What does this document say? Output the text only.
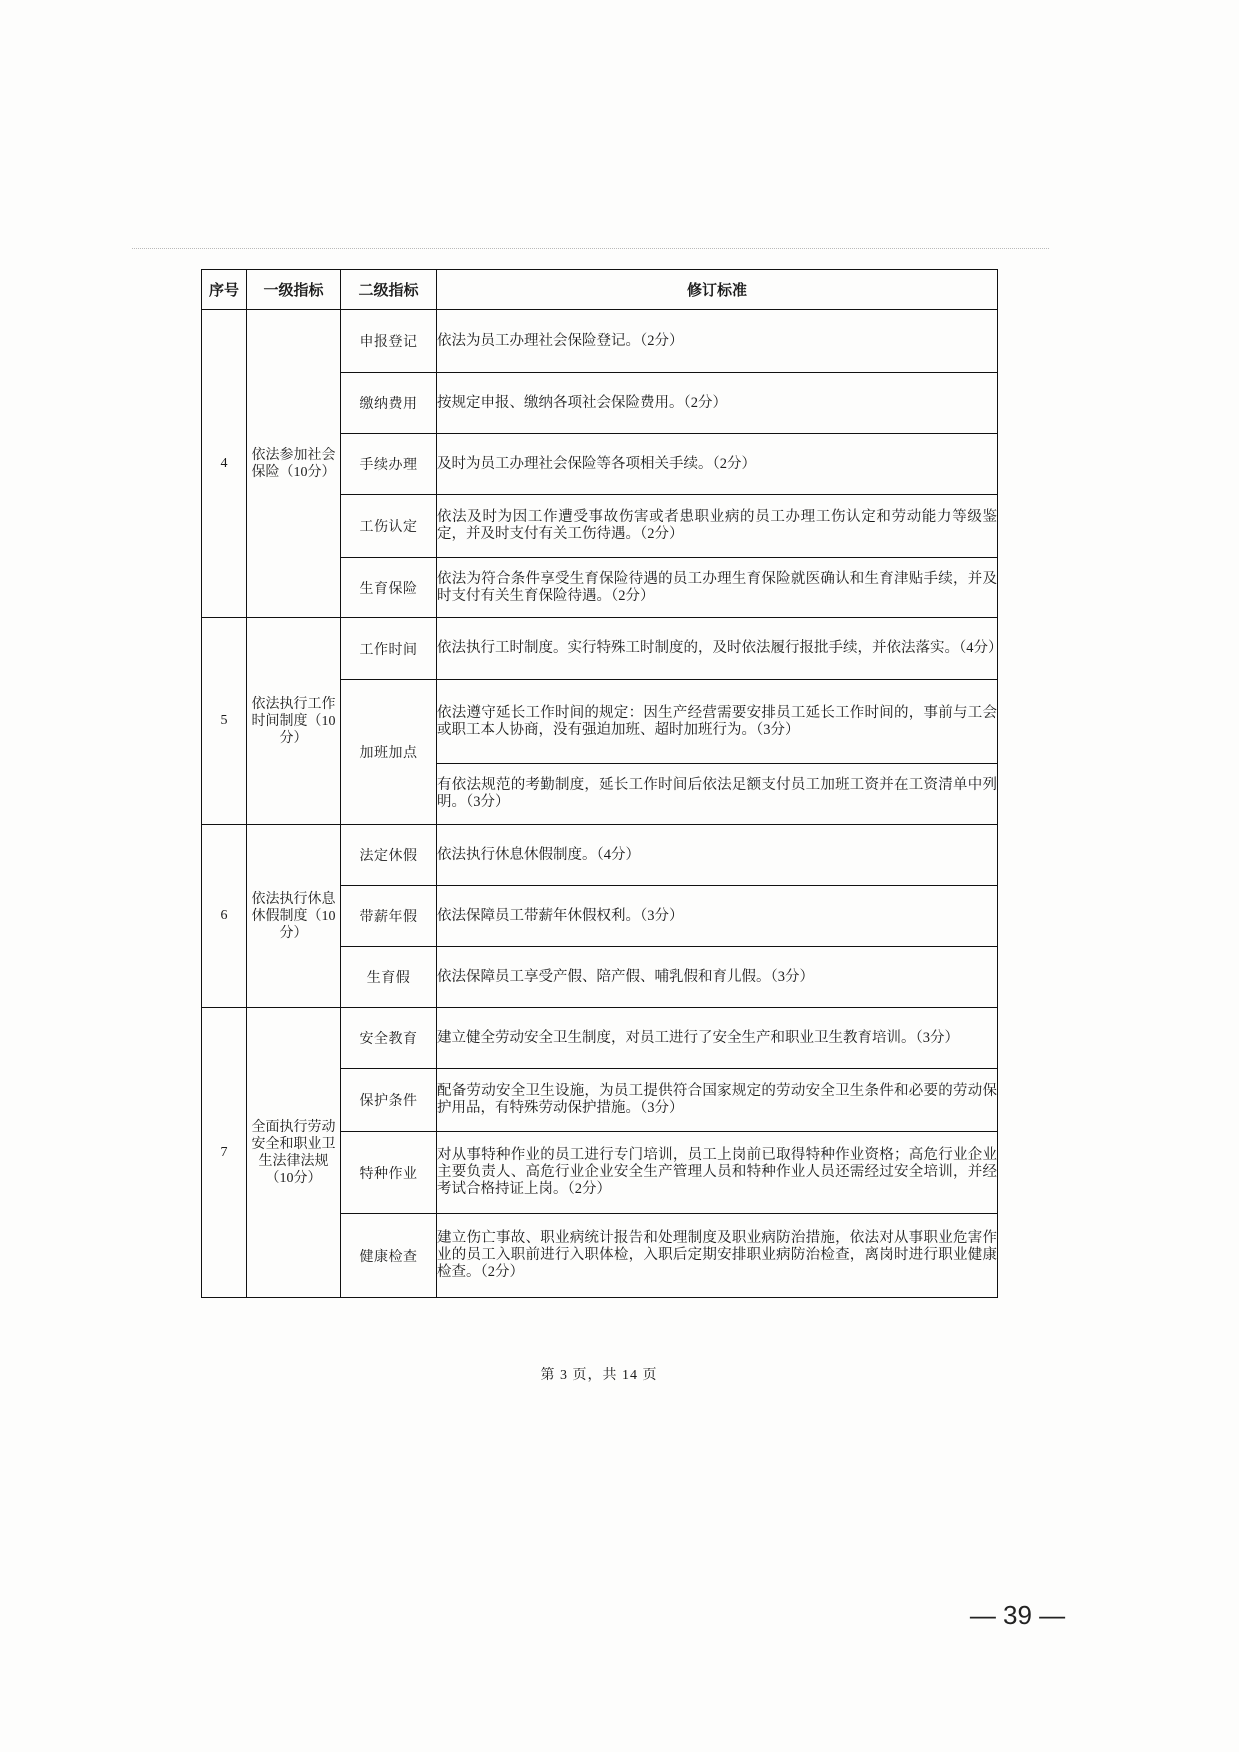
序号	一级指标	二级指标	修订标准
4	依法参加社会保险（10分）	申报登记	依法为员工办理社会保险登记。（2分）
		缴纳费用	按规定申报、缴纳各项社会保险费用。（2分）
		手续办理	及时为员工办理社会保险等各项相关手续。（2分）
		工伤认定	依法及时为因工作遭受事故伤害或者患职业病的员工办理工伤认定和劳动能力等级鉴定，并及时支付有关工伤待遇。（2分）
		生育保险	依法为符合条件享受生育保险待遇的员工办理生育保险就医确认和生育津贴手续，并及时支付有关生育保险待遇。（2分）
5	依法执行工作时间制度（10分）	工作时间	依法执行工时制度。实行特殊工时制度的，及时依法履行报批手续，并依法落实。（4分）
		加班加点	依法遵守延长工作时间的规定：因生产经营需要安排员工延长工作时间的，事前与工会或职工本人协商，没有强迫加班、超时加班行为。（3分）
			有依法规范的考勤制度，延长工作时间后依法足额支付员工加班工资并在工资清单中列明。（3分）
6	依法执行休息休假制度（10分）	法定休假	依法执行休息休假制度。（4分）
		带薪年假	依法保障员工带薪年休假权利。（3分）
		生育假	依法保障员工享受产假、陪产假、哺乳假和育儿假。（3分）
7	全面执行劳动安全和职业卫生法律法规（10分）	安全教育	建立健全劳动安全卫生制度，对员工进行了安全生产和职业卫生教育培训。（3分）
		保护条件	配备劳动安全卫生设施，为员工提供符合国家规定的劳动安全卫生条件和必要的劳动保护用品，有特殊劳动保护措施。（3分）
		特种作业	对从事特种作业的员工进行专门培训，员工上岗前已取得特种作业资格；高危行业企业主要负责人、高危行业企业安全生产管理人员和特种作业人员还需经过安全培训，并经考试合格持证上岗。（2分）
		健康检查	建立伤亡事故、职业病统计报告和处理制度及职业病防治措施，依法对从事职业危害作业的员工入职前进行入职体检，入职后定期安排职业病防治检查，离岗时进行职业健康检查。（2分）
第 3 页，共 14 页
— 39 —
